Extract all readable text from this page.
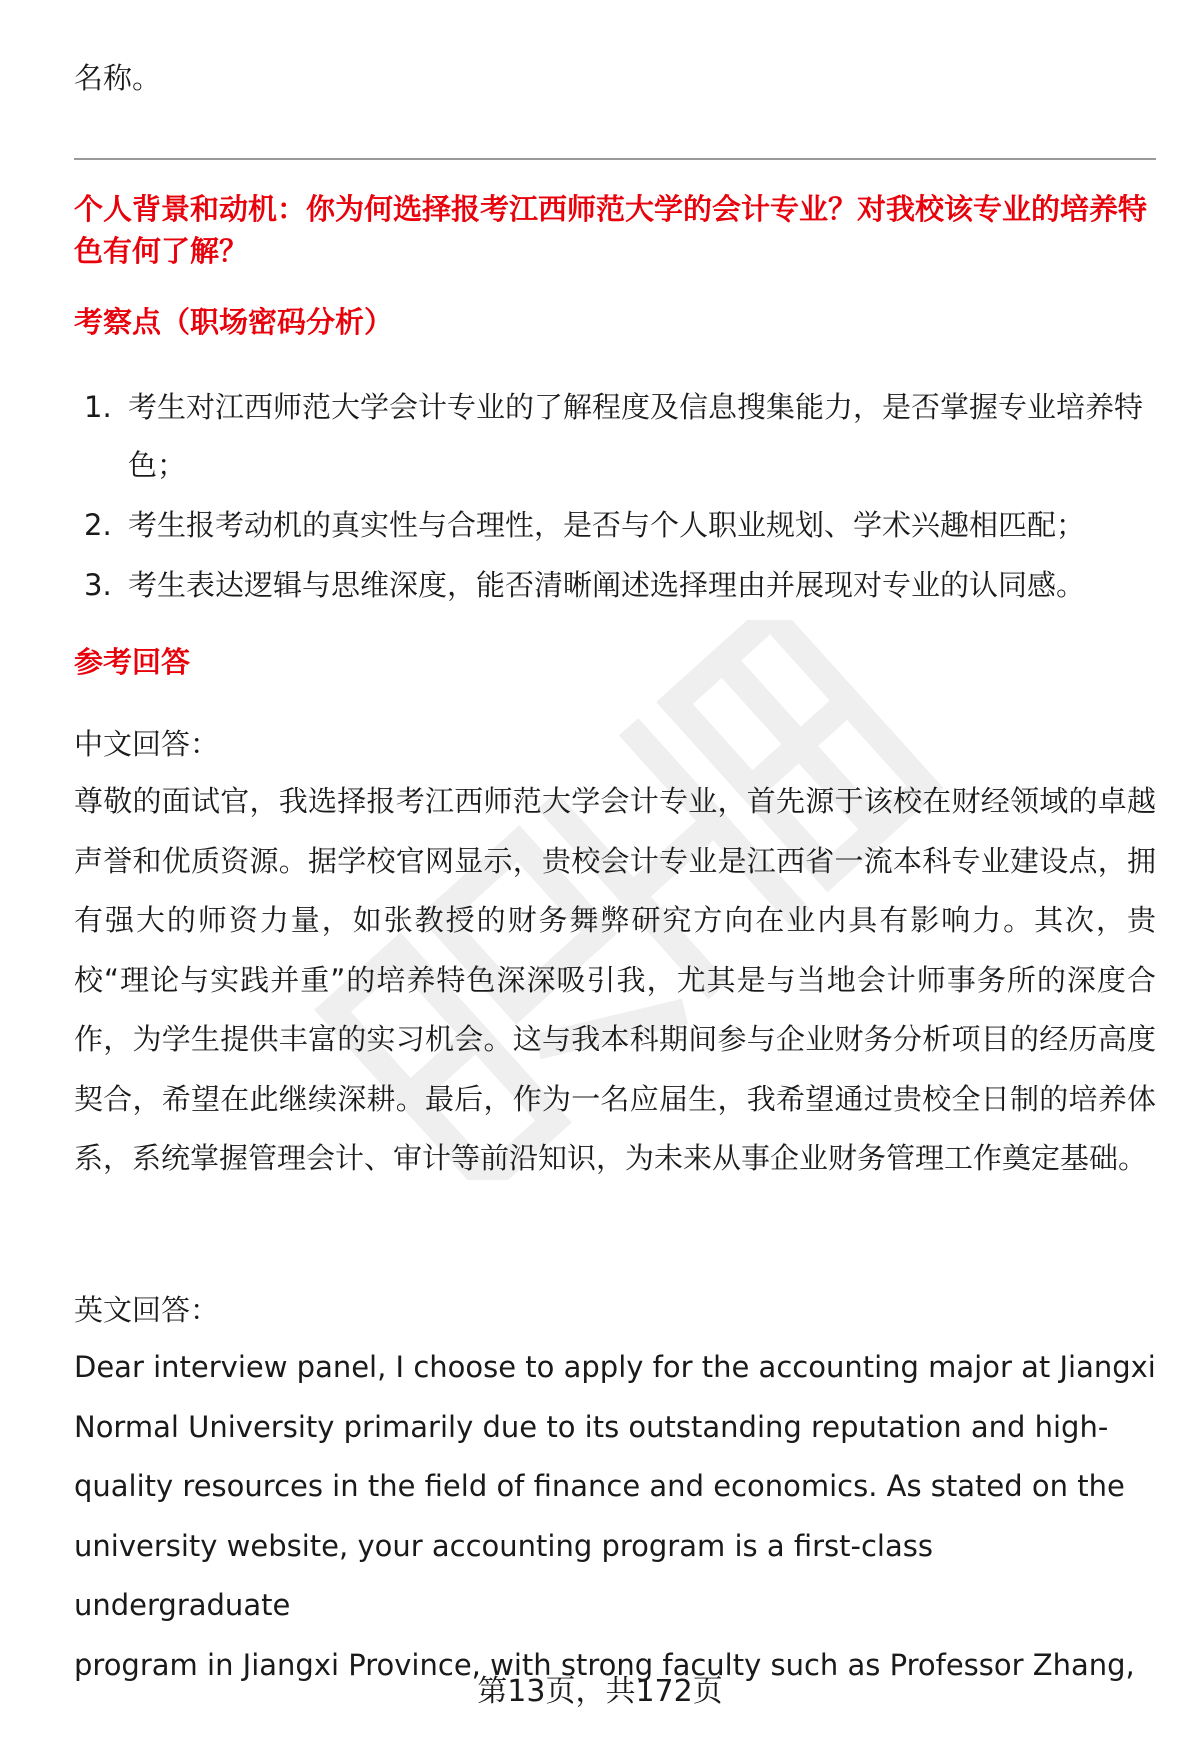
名称。
个人背景和动机：你为何选择报考江西师范大学的会计专业？对我校该专业的培养特色有何了解？
考察点（职场密码分析）
1. 考生对江西师范大学会计专业的了解程度及信息搜集能力，是否掌握专业培养特色；
2. 考生报考动机的真实性与合理性，是否与个人职业规划、学术兴趣相匹配；
3. 考生表达逻辑与思维深度，能否清晰阐述选择理由并展现对专业的认同感。
参考回答
中文回答：
尊敬的面试官，我选择报考江西师范大学会计专业，首先源于该校在财经领域的卓越声誉和优质资源。据学校官网显示，贵校会计专业是江西省一流本科专业建设点，拥有强大的师资力量，如张教授的财务舞弊研究方向在业内具有影响力。其次，贵校“理论与实践并重”的培养特色深深吸引我，尤其是与当地会计师事务所的深度合作，为学生提供丰富的实习机会。这与我本科期间参与企业财务分析项目的经历高度契合，希望在此继续深耕。最后，作为一名应届生，我希望通过贵校全日制的培养体系，系统掌握管理会计、审计等前沿知识，为未来从事企业财务管理工作奠定基础。
英文回答：
Dear interview panel, I choose to apply for the accounting major at Jiangxi
Normal University primarily due to its outstanding reputation and high-
quality resources in the field of finance and economics. As stated on the
university website, your accounting program is a first-class undergraduate
program in Jiangxi Province, with strong faculty such as Professor Zhang,
第13页，共172页
